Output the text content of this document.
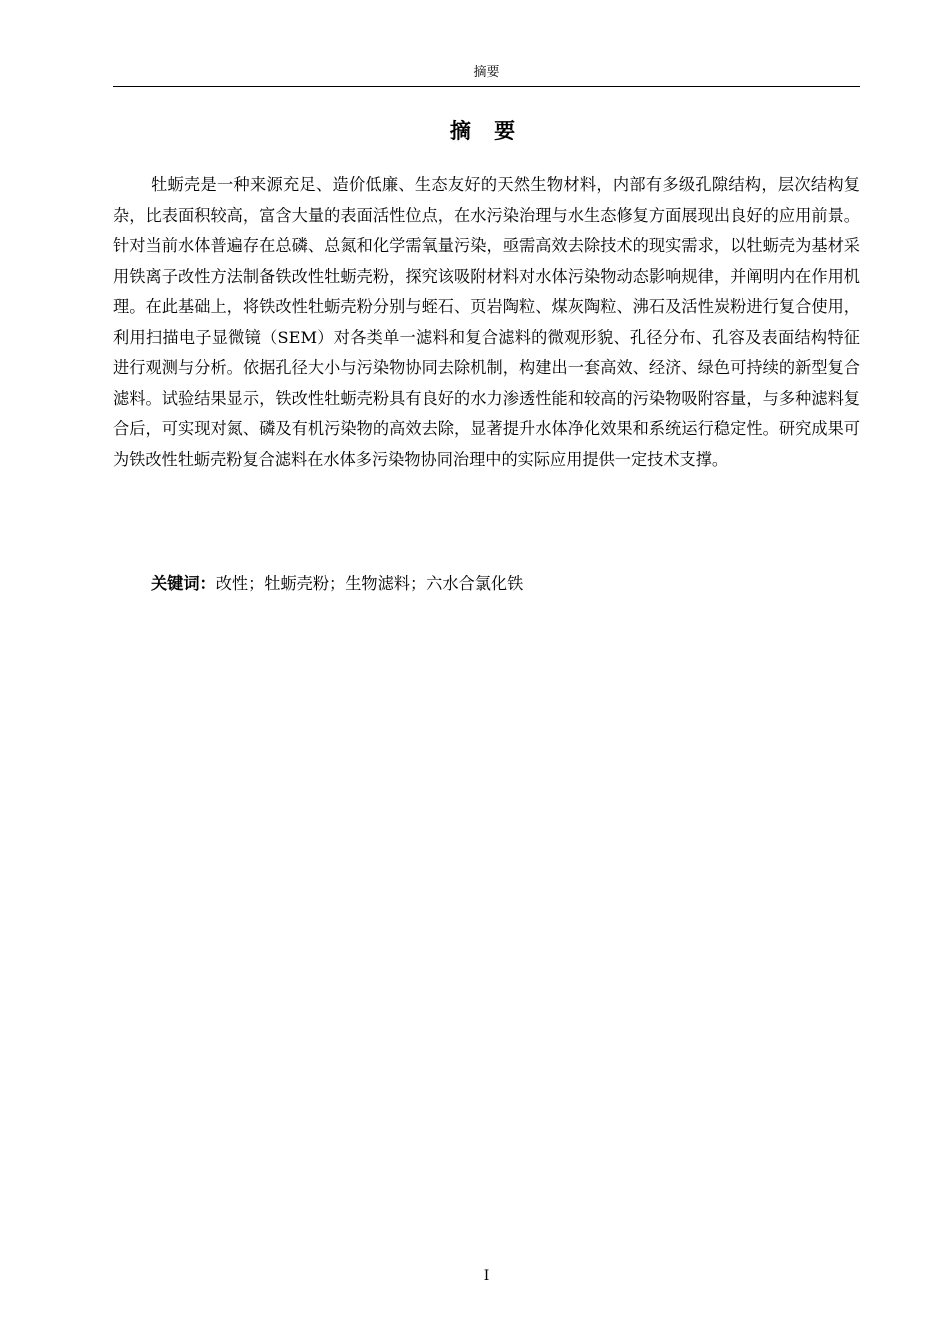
摘要
摘 要

牡蛎壳是一种来源充足、造价低廉、生态友好的天然生物材料，内部有多级孔隙结构，层次结构复杂，比表面积较高，富含大量的表面活性位点，在水污染治理与水生态修复方面展现出良好的应用前景。针对当前水体普遍存在总磷、总氮和化学需氧量污染，亟需高效去除技术的现实需求，以牡蛎壳为基材采用铁离子改性方法制备铁改性牡蛎壳粉，探究该吸附材料对水体污染物动态影响规律，并阐明内在作用机理。在此基础上，将铁改性牡蛎壳粉分别与蛭石、页岩陶粒、煤灰陶粒、沸石及活性炭粉进行复合使用，利用扫描电子显微镜（SEM）对各类单一滤料和复合滤料的微观形貌、孔径分布、孔容及表面结构特征进行观测与分析。依据孔径大小与污染物协同去除机制，构建出一套高效、经济、绿色可持续的新型复合滤料。试验结果显示，铁改性牡蛎壳粉具有良好的水力渗透性能和较高的污染物吸附容量，与多种滤料复合后，可实现对氮、磷及有机污染物的高效去除，显著提升水体净化效果和系统运行稳定性。研究成果可为铁改性牡蛎壳粉复合滤料在水体多污染物协同治理中的实际应用提供一定技术支撑。

关键词：改性；牡蛎壳粉；生物滤料；六水合氯化铁
I
